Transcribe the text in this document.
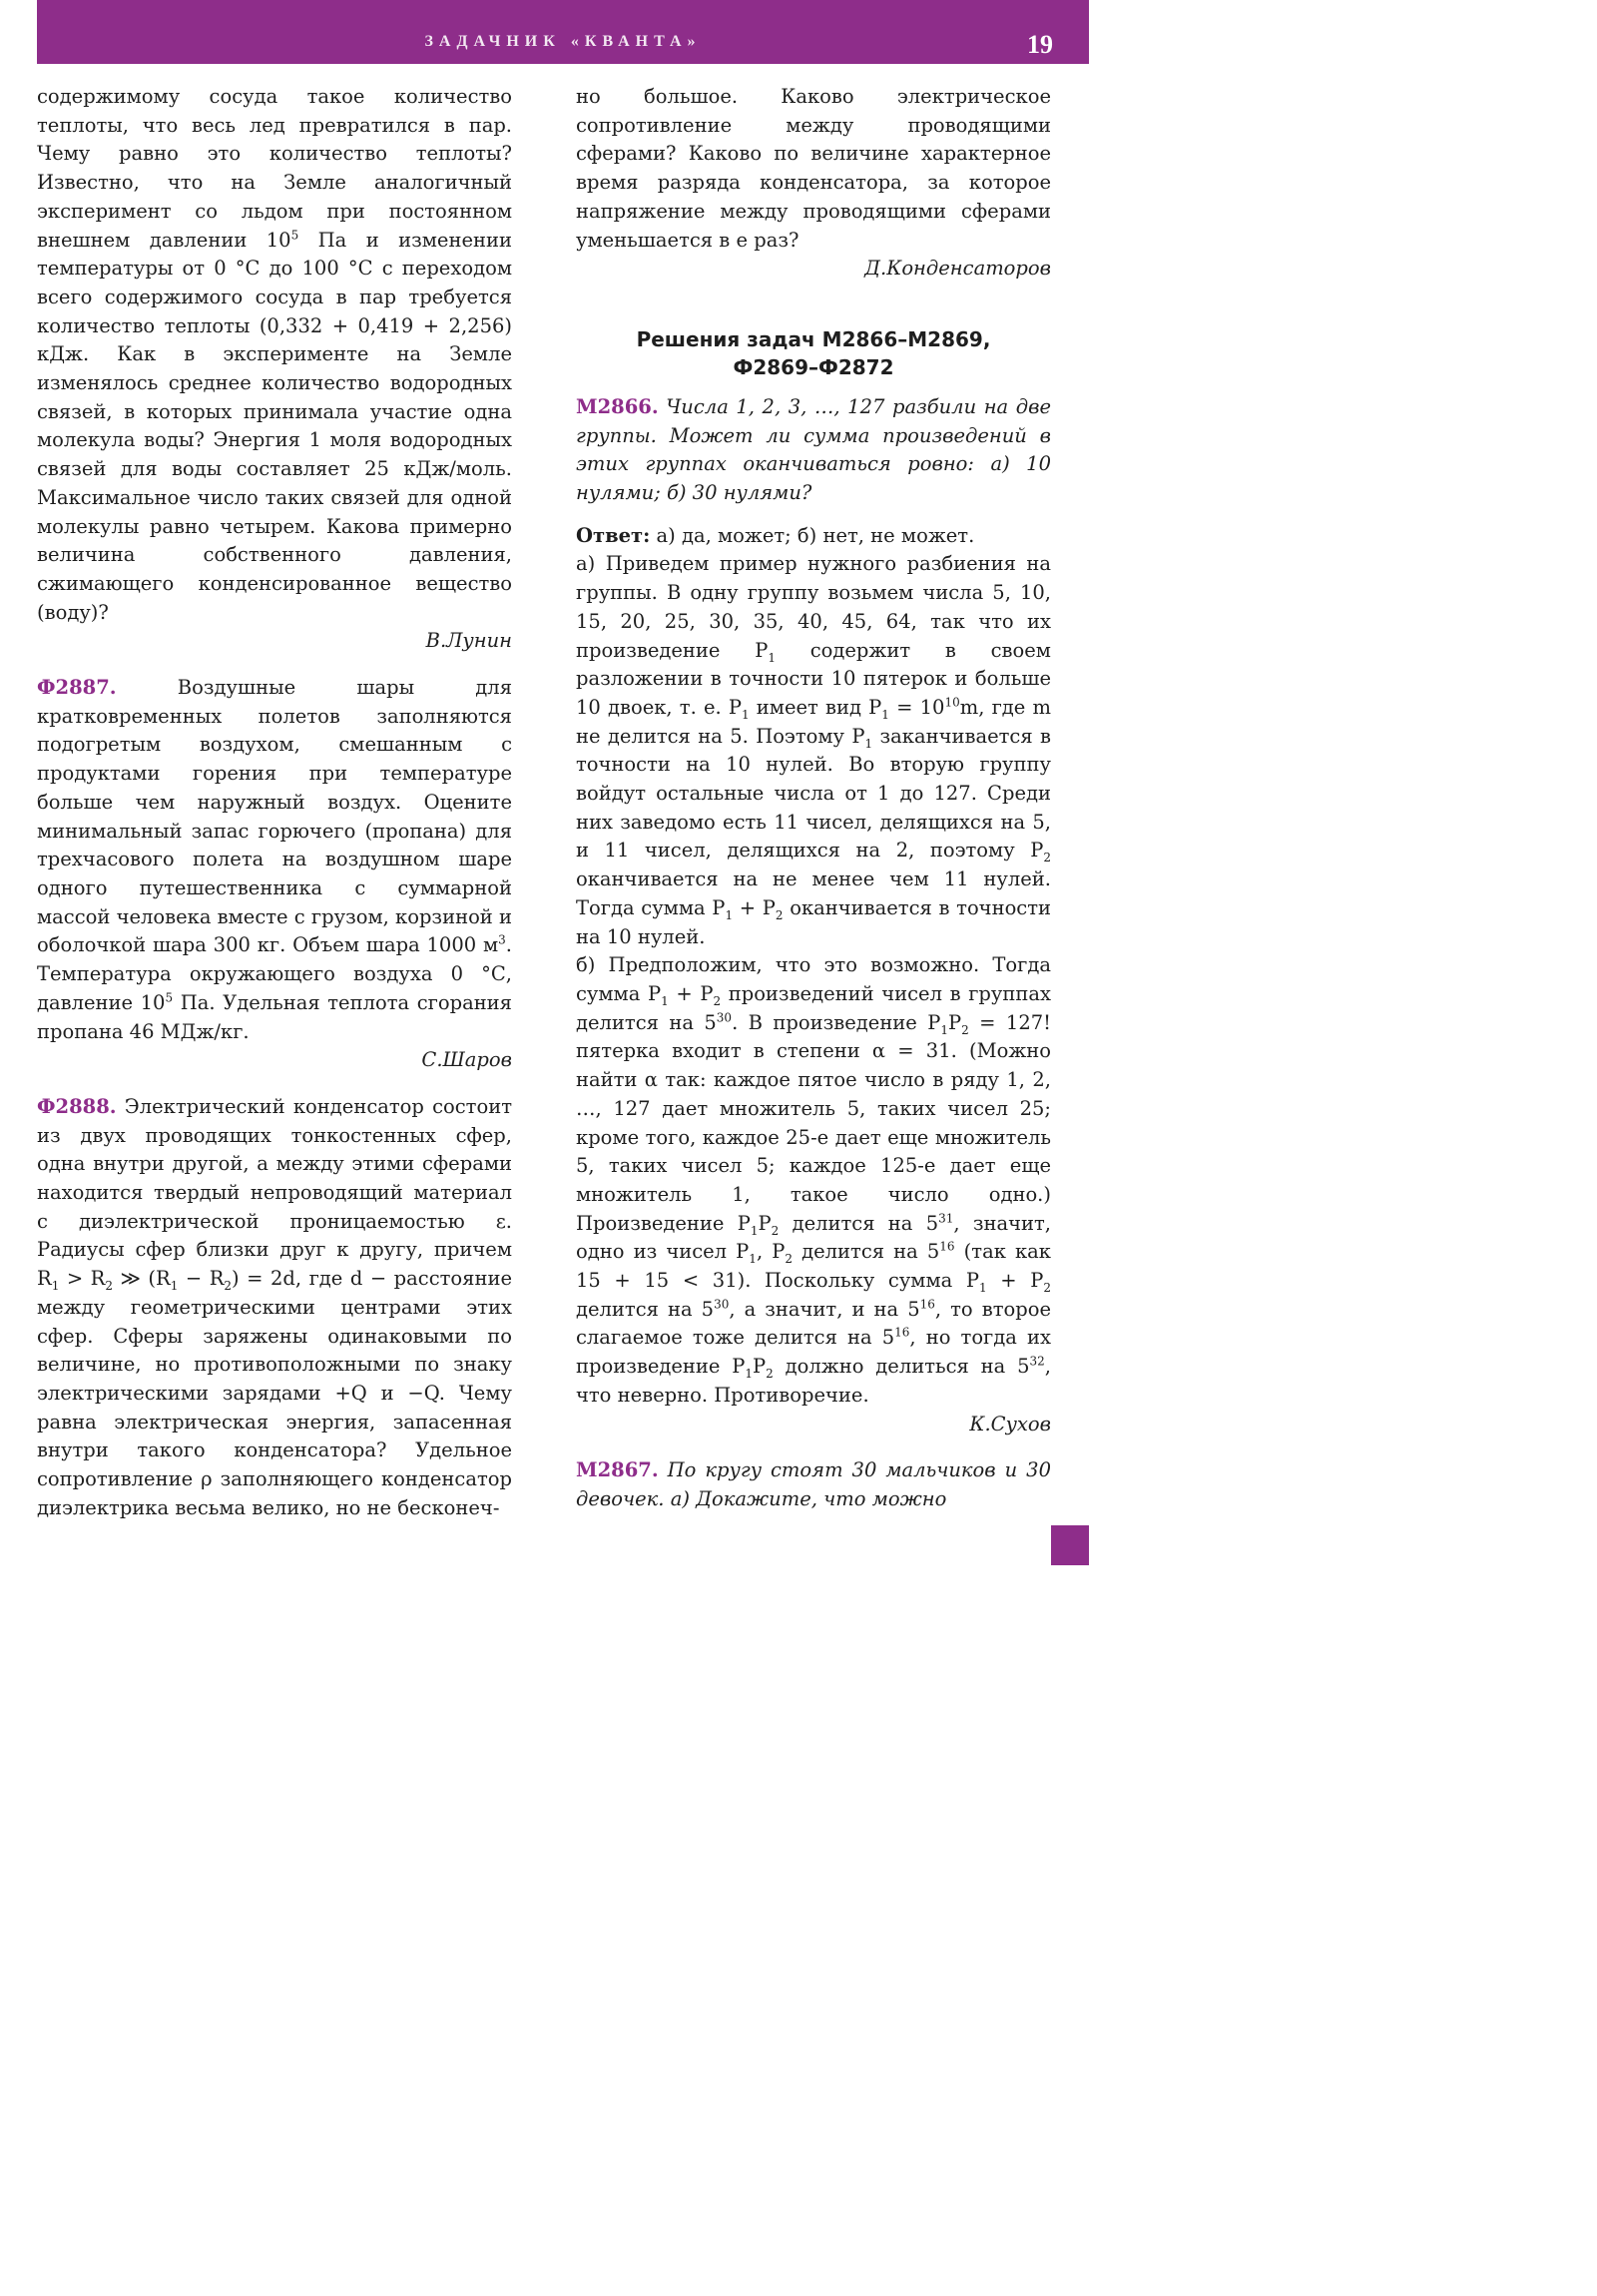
ЗАДАЧНИК «КВАНТА»	19

содержимому сосуда такое количество теплоты, что весь лед превратился в пар. Чему равно это количество теплоты? Известно, что на Земле аналогичный эксперимент со льдом при постоянном внешнем давлении $10^5$ Па и изменении температуры от 0 °С до 100 °С с переходом всего содержимого сосуда в пар требуется количество теплоты (0,332 + 0,419 + 2,256) кДж. Как в эксперименте на Земле изменялось среднее количество водородных связей, в которых принимала участие одна молекула воды? Энергия 1 моля водородных связей для воды составляет 25 кДж/моль. Максимальное число таких связей для одной молекулы равно четырем. Какова примерно величина собственного давления, сжимающего конденсированное вещество (воду)?

В.Лунин

Ф2887. Воздушные шары для кратковременных полетов заполняются подогретым воздухом, смешанным с продуктами горения при температуре больше чем наружный воздух. Оцените минимальный запас горючего (пропана) для трехчасового полета на воздушном шаре одного путешественника с суммарной массой человека вместе с грузом, корзиной и оболочкой шара 300 кг. Объем шара 1000 $м^3$. Температура окружающего воздуха 0 °С, давление $10^5$ Па. Удельная теплота сгорания пропана 46 МДж/кг.

С.Шаров

Ф2888. Электрический конденсатор состоит из двух проводящих тонкостенных сфер, одна внутри другой, а между этими сферами находится твердый непроводящий материал с диэлектрической проницаемостью ε. Радиусы сфер близки друг к другу, причем $R_1 > R_2$ ≫ $(R_1 - R_2) = 2d$, где d − расстояние между геометрическими центрами этих сфер. Сферы заряжены одинаковыми по величине, но противоположными по знаку электрическими зарядами +Q и −Q. Чему равна электрическая энергия, запасенная внутри такого конденсатора? Удельное сопротивление ρ заполняющего конденсатор диэлектрика весьма велико, но не бесконеч-

но большое. Каково электрическое сопротивление между проводящими сферами? Каково по величине характерное время разряда конденсатора, за которое напряжение между проводящими сферами уменьшается в e раз?

Д.Конденсаторов

Решения задач М2866–М2869,
Ф2869–Ф2872

М2866. Числа 1, 2, 3, …, 127 разбили на две группы. Может ли сумма произведений в этих группах оканчиваться ровно: а) 10 нулями; б) 30 нулями?

Ответ: а) да, может; б) нет, не может.

а) Приведем пример нужного разбиения на группы. В одну группу возьмем числа 5, 10, 15, 20, 25, 30, 35, 40, 45, 64, так что их произведение $P_1$ содержит в своем разложении в точности 10 пятерок и больше 10 двоек, т. е. $P_1$ имеет вид $P_1 = 10^{10}m$, где m не делится на 5. Поэтому $P_1$ заканчивается в точности на 10 нулей. Во вторую группу войдут остальные числа от 1 до 127. Среди них заведомо есть 11 чисел, делящихся на 5, и 11 чисел, делящихся на 2, поэтому $P_2$ оканчивается на не менее чем 11 нулей. Тогда сумма $P_1 + P_2$ оканчивается в точности на 10 нулей.

б) Предположим, что это возможно. Тогда сумма $P_1 + P_2$ произведений чисел в группах делится на $5^{30}$. В произведение $P_1P_2 = 127$! пятерка входит в степени α = 31. (Можно найти α так: каждое пятое число в ряду 1, 2, …, 127 дает множитель 5, таких чисел 25; кроме того, каждое 25-е дает еще множитель 5, таких чисел 5; каждое 125-е дает еще множитель 1, такое число одно.) Произведение $P_1P_2$ делится на $5^{31}$, значит, одно из чисел $P_1$, $P_2$ делится на $5^{16}$ (так как 15 + 15 < 31). Поскольку сумма $P_1 + P_2$ делится на $5^{30}$, а значит, и на $5^{16}$, то второе слагаемое тоже делится на $5^{16}$, но тогда их произведение $P_1P_2$ должно делиться на $5^{32}$, что неверно. Противоречие.

К.Сухов

М2867. По кругу стоят 30 мальчиков и 30 девочек. а) Докажите, что можно
